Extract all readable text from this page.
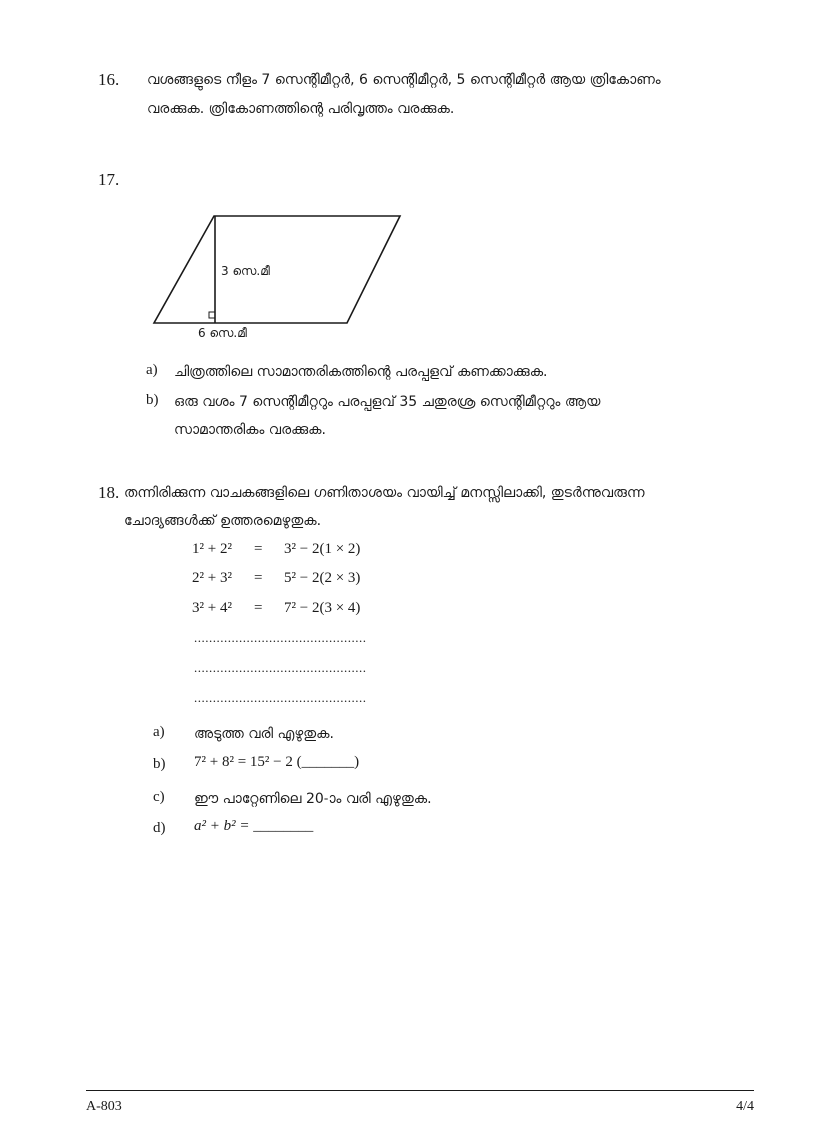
16. വശങ്ങളുടെ നീളം 7 സെന്റിമീറ്റർ, 6 സെന്റിമീറ്റർ, 5 സെന്റിമീറ്റർ ആയ ത്രികോണം
വരക്കുക. ത്രികോണത്തിന്റെ പരിവൃത്തം വരക്കുക.
17.
3 സെ.മീ
6 സെ.മീ
a) ചിത്രത്തിലെ സാമാന്തരികത്തിന്റെ പരപ്പളവ് കണക്കാക്കുക.
b) ഒരു വശം 7 സെന്റിമീറ്ററും പരപ്പളവ് 35 ചതുരശ്ര സെന്റിമീറ്ററും ആയ
സാമാന്തരികം വരക്കുക.
18. തന്നിരിക്കുന്ന വാചകങ്ങളിലെ ഗണിതാശയം വായിച്ച് മനസ്സിലാക്കി, തുടർന്നുവരുന്ന
ചോദ്യങ്ങൾക്ക് ഉത്തരമെഴുതുക.
1² + 2² = 3² − 2(1 × 2)
2² + 3² = 5² − 2(2 × 3)
3² + 4² = 7² − 2(3 × 4)
..............................................
..............................................
..............................................
a) അടുത്ത വരി എഴുതുക.
b) 7² + 8² = 15² − 2 (_______)
c) ഈ പാറ്റേണിലെ 20-ാം വരി എഴുതുക.
d) a² + b² = ________
A-803	4/4
